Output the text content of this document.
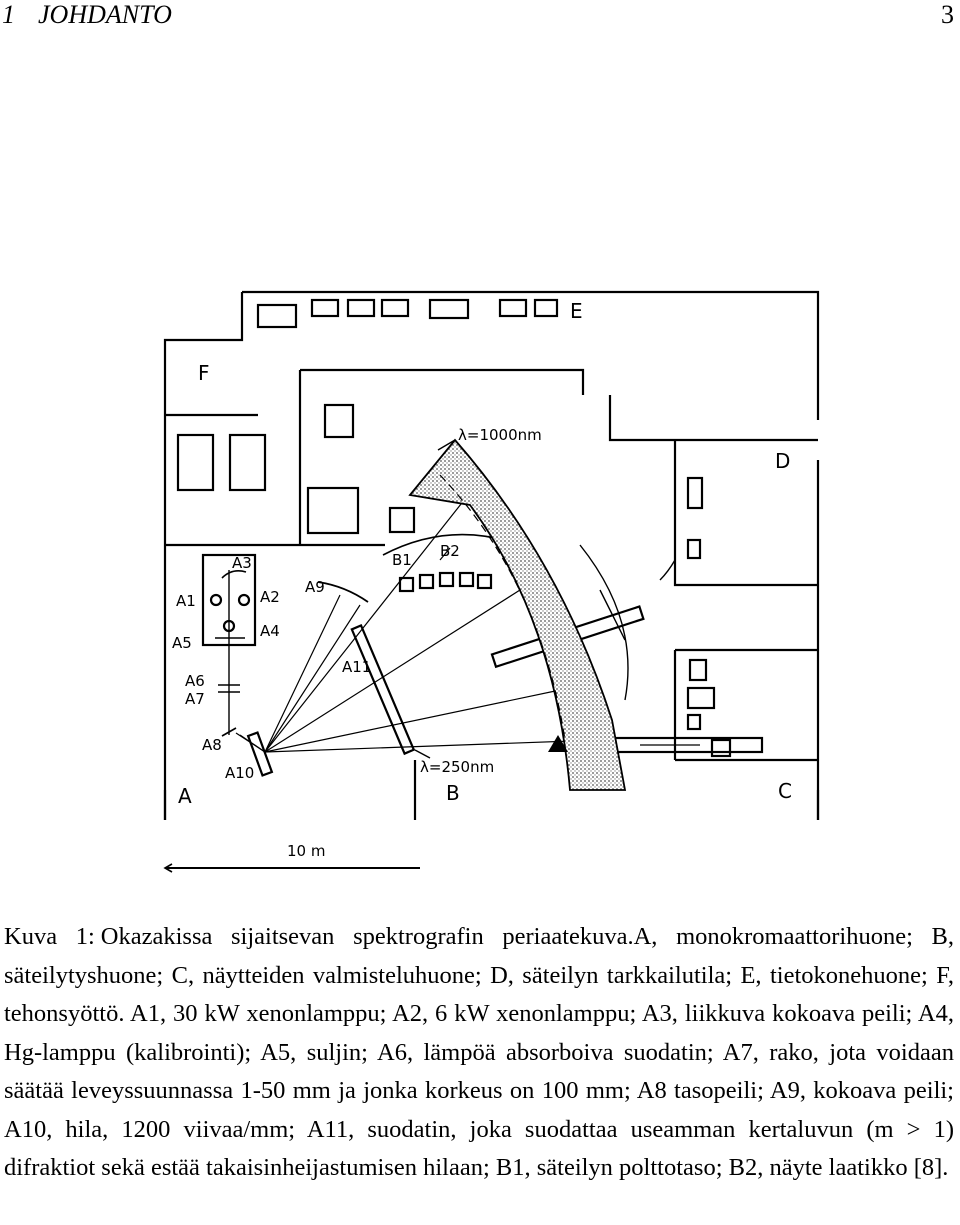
1 JOHDANTO	3
E
F
D
C
B
A
A1	A2
A3
A4
A5
A6
A7
A8
A9
A10
A11
B1 B2
λ=1000nm
λ=250nm
10 m
Kuva 1: Okazakissa sijaitsevan spektrografin periaatekuva.A, monokromaattorihuone; B, säteilytyshuone; C, näytteiden valmisteluhuone; D, säteilyn tarkkailutila; E, tietokonehuone; F, tehonsyöttö. A1, 30 kW xenonlamppu; A2, 6 kW xenonlamppu; A3, liikkuva kokoava peili; A4, Hg-lamppu (kalibrointi); A5, suljin; A6, lämpöä absorboiva suodatin; A7, rako, jota voidaan säätää leveyssuunnassa 1-50 mm ja jonka korkeus on 100 mm; A8 tasopeili; A9, kokoava peili; A10, hila, 1200 viivaa/mm; A11, suodatin, joka suodattaa useamman kertaluvun (m > 1) difraktiot sekä estää takaisinheijastumisen hilaan; B1, säteilyn polttotaso; B2, näyte laatikko [8].
